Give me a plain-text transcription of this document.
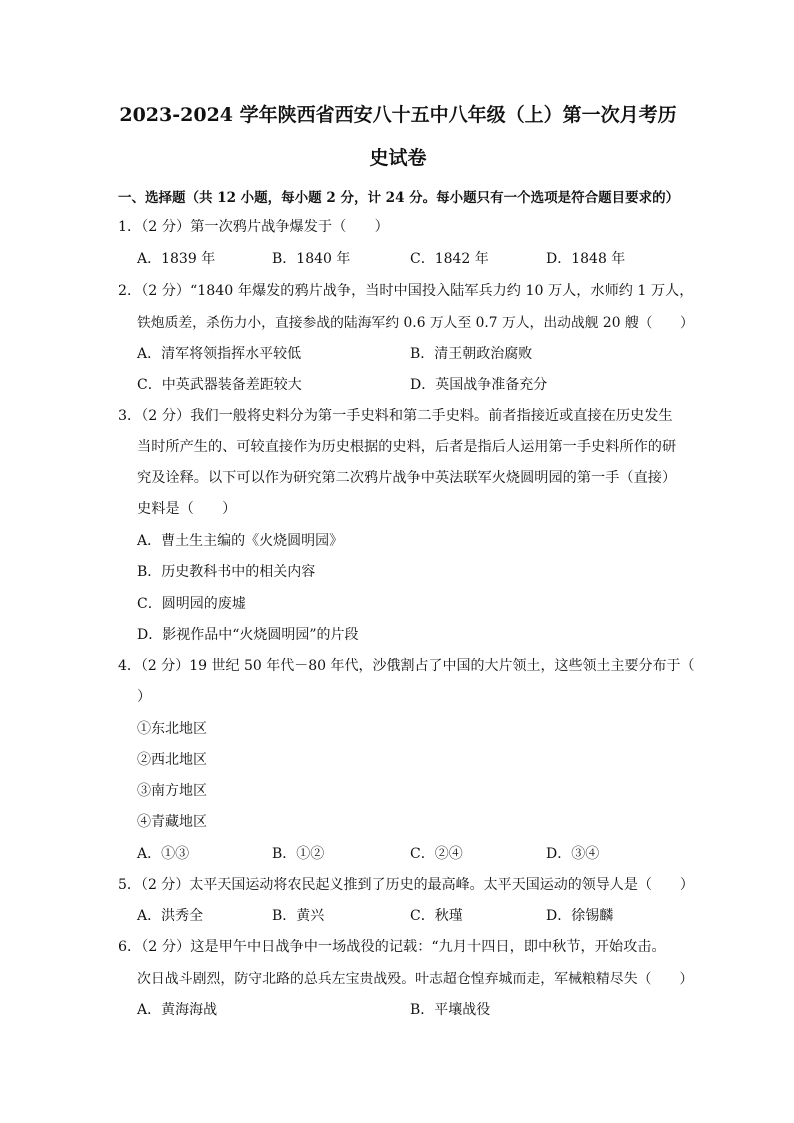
2023-2024 学年陕西省西安八十五中八年级（上）第一次月考历
史试卷
一、选择题（共 12 小题，每小题 2 分，计 24 分。每小题只有一个选项是符合题目要求的）
1．（2 分）第一次鸦片战争爆发于（　　）
A．1839 年	B．1840 年	C．1842 年	D．1848 年
2．（2 分）“1840 年爆发的鸦片战争，当时中国投入陆军兵力约 10 万人，水师约 1 万人，
铁炮质差，杀伤力小，直接参战的陆海军约 0.6 万人至 0.7 万人，出动战舰 20 艘（　　）
A．清军将领指挥水平较低	B．清王朝政治腐败
C．中英武器装备差距较大	D．英国战争准备充分
3．（2 分）我们一般将史料分为第一手史料和第二手史料。前者指接近或直接在历史发生
当时所产生的、可较直接作为历史根据的史料，后者是指后人运用第一手史料所作的研
究及诠释。以下可以作为研究第二次鸦片战争中英法联军火烧圆明园的第一手（直接）
史料是（　　）
A．曹土生主编的《火烧圆明园》
B．历史教科书中的相关内容
C．圆明园的废墟
D．影视作品中“火烧圆明园”的片段
4．（2 分）19 世纪 50 年代－80 年代，沙俄割占了中国的大片领土，这些领土主要分布于（
）
①东北地区
②西北地区
③南方地区
④青藏地区
A．①③	B．①②	C．②④	D．③④
5．（2 分）太平天国运动将农民起义推到了历史的最高峰。太平天国运动的领导人是（　　）
A．洪秀全	B．黄兴	C．秋瑾	D．徐锡麟
6．（2 分）这是甲午中日战争中一场战役的记载：“九月十四日，即中秋节，开始攻击。
次日战斗剧烈，防守北路的总兵左宝贵战殁。叶志超仓惶弃城而走，军械粮精尽失（　　）
A．黄海海战	B．平壤战役
